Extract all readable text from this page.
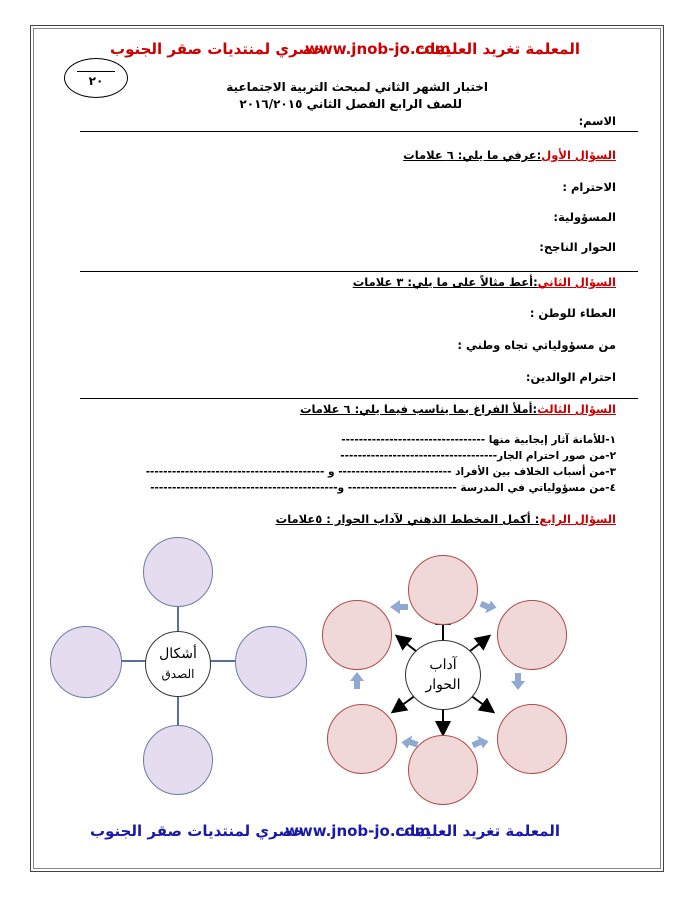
المعلمة تغريد العليمات
www.jnob-jo.com
حصري لمنتديات صقر الجنوب
٢٠	اختبار الشهر الثاني لمبحث التربية الاجتماعية
للصف الرابع الفصل الثاني ٢٠١٦/٢٠١٥
الاسم:
السؤال الأول:عرفي ما يلي: ٦ علامات
الاحترام :
المسؤولية:
الحوار الناجح:
السؤال الثاني:أعط مثالاً على ما يلي: ٣ علامات
العطاء للوطن :
من مسؤولياتي تجاه وطني :
احترام الوالدين:
السؤال الثالث:أملأ الفراغ بما يناسب فيما يلي: ٦ علامات
١-للأمانة آثار إيجابية منها ---------------------------------
٢-من صور احترام الجار------------------------------------
٣-من أسباب الخلاف بين الأفراد -------------------------- و -----------------------------------------
٤-من مسؤولياتي في المدرسة ------------------------- و-------------------------------------------
السؤال الرابع: أكمل المخطط الذهني لآداب الحوار : ٥علامات
أشكال
الصدق
آداب
الحوار
المعلمة تغريد العليمات
www.jnob-jo.com
حصري لمنتديات صقر الجنوب
